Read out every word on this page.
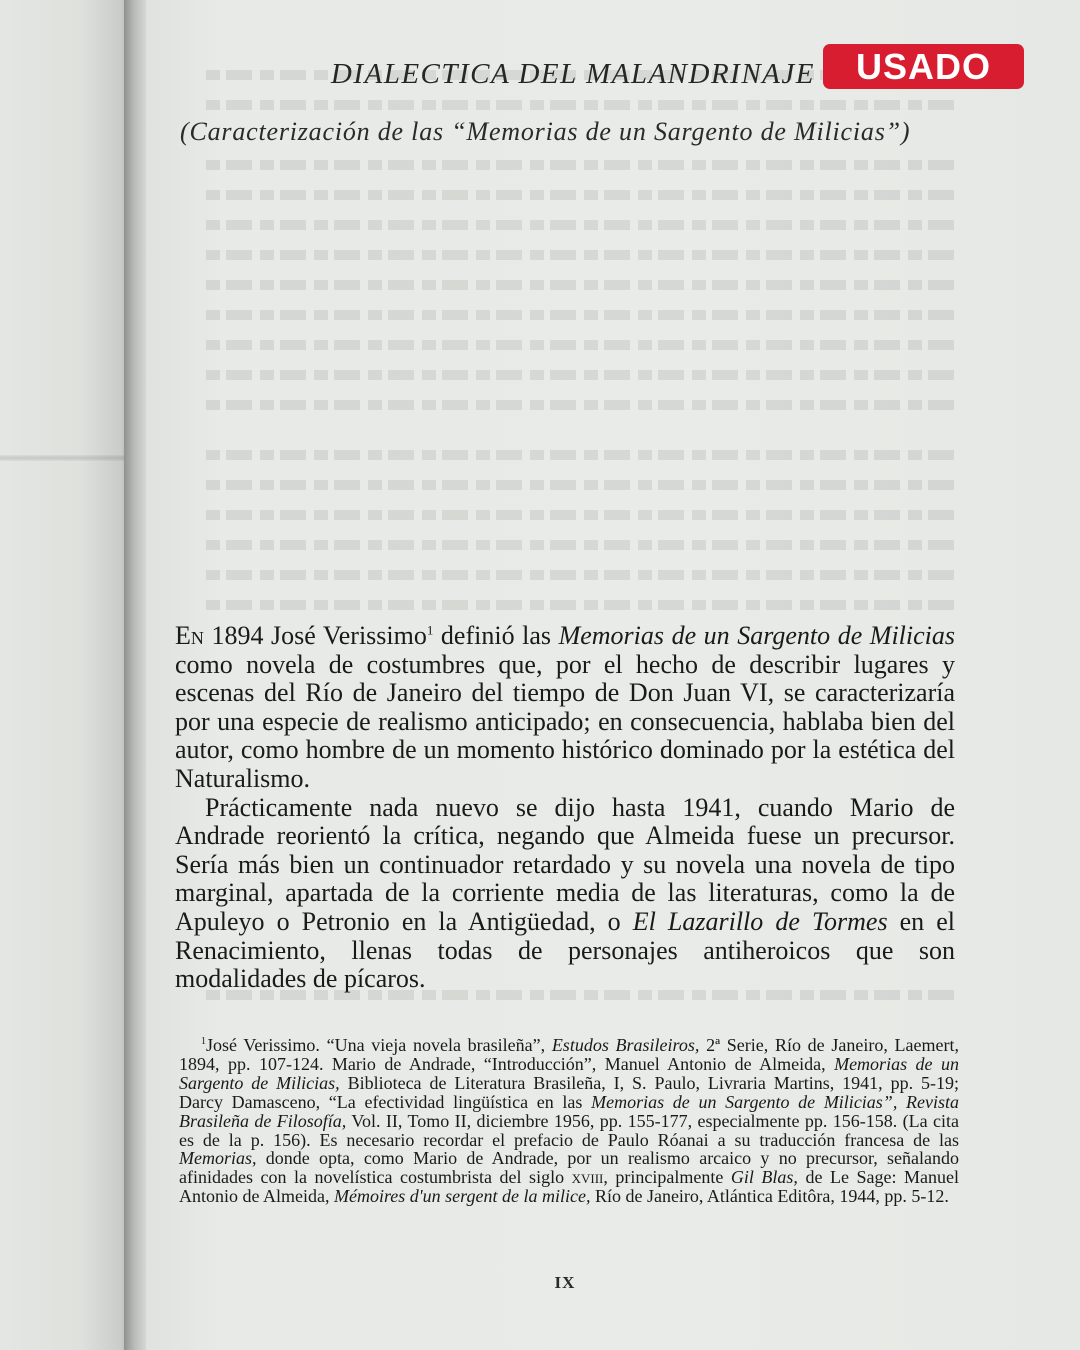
DIALECTICA DEL MALANDRINAJE	USADO
(Caracterización de las “Memorias de un Sargento de Milicias”)

En 1894 José Verissimo$^1$ definió las Memorias de un Sargento de Milicias como novela de costumbres que, por el hecho de describir lugares y escenas del Río de Janeiro del tiempo de Don Juan VI, se caracterizaría por una especie de realismo anticipado; en consecuencia, hablaba bien del autor, como hombre de un momento histórico dominado por la estética del Naturalismo.

Prácticamente nada nuevo se dijo hasta 1941, cuando Mario de Andrade reorientó la crítica, negando que Almeida fuese un precursor. Sería más bien un continuador retardado y su novela una novela de tipo marginal, apartada de la corriente media de las literaturas, como la de Apuleyo o Petronio en la Antigüedad, o El Lazarillo de Tormes en el Renacimiento, llenas todas de personajes antiheroicos que son modalidades de pícaros.

$^1$José Verissimo. “Una vieja novela brasileña”, Estudos Brasileiros, 2ª Serie, Río de Janeiro, Laemert, 1894, pp. 107-124. Mario de Andrade, “Introducción”, Manuel Antonio de Almeida, Memorias de un Sargento de Milicias, Biblioteca de Literatura Brasileña, I, S. Paulo, Livraria Martins, 1941, pp. 5-19; Darcy Damasceno, “La efectividad lingüística en las Memorias de un Sargento de Milicias”, Revista Brasileña de Filosofía, Vol. II, Tomo II, diciembre 1956, pp. 155-177, especialmente pp. 156-158. (La cita es de la p. 156). Es necesario recordar el prefacio de Paulo Róanai a su traducción francesa de las Memorias, donde opta, como Mario de Andrade, por un realismo arcaico y no precursor, señalando afinidades con la novelística costumbrista del siglo xviii, principalmente Gil Blas, de Le Sage: Manuel Antonio de Almeida, Mémoires d'un sergent de la milice, Río de Janeiro, Atlántica Editôra, 1944, pp. 5-12.

IX
